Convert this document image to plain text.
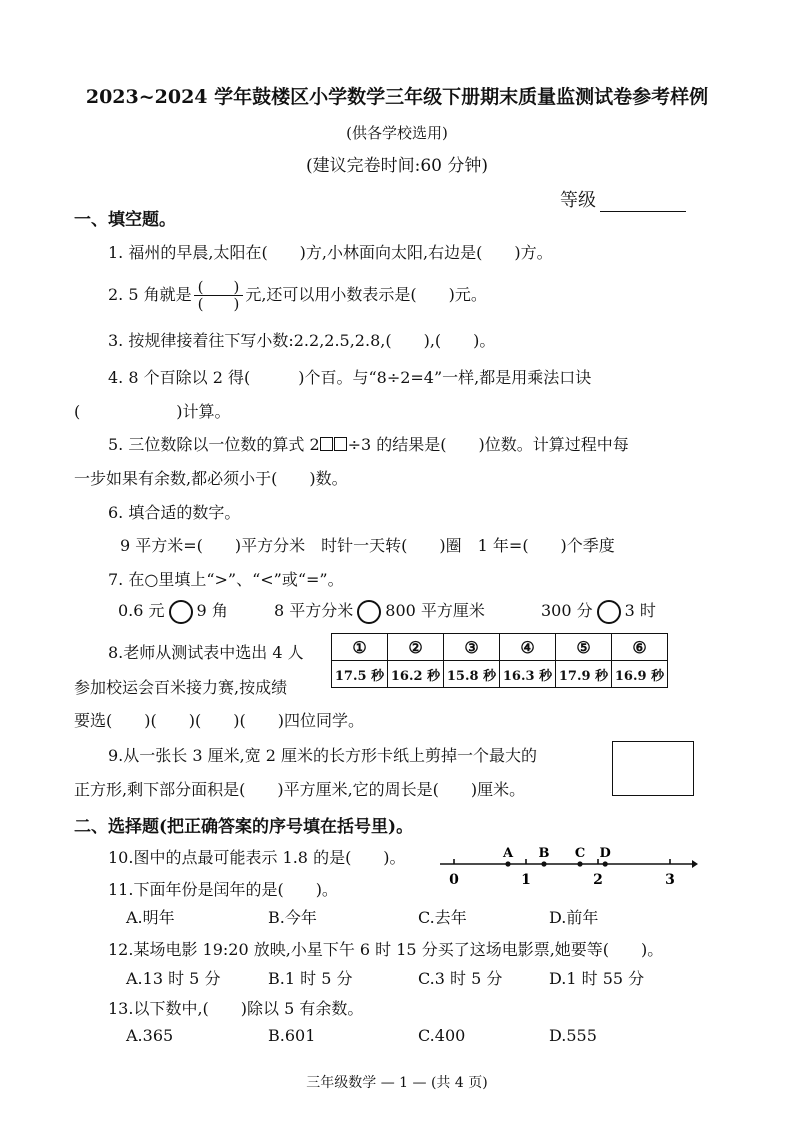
2023~2024 学年鼓楼区小学数学三年级下册期末质量监测试卷参考样例
(供各学校选用)
(建议完卷时间:60 分钟)
等级
一、填空题。
1. 福州的早晨,太阳在(　　)方,小林面向太阳,右边是(　　)方。
2. 5 角就是 $\frac{( )}{( )}$ 元,还可以用小数表示是(　　)元。
3. 按规律接着往下写小数:2.2,2.5,2.8,(　　),(　　)。
4. 8 个百除以 2 得(　　　)个百。与“8÷2=4”一样,都是用乘法口诀
(　　　　　　)计算。
5. 三位数除以一位数的算式 2 ÷3 的结果是(　　)位数。计算过程中每
一步如果有余数,都必须小于(　　)数。
6. 填合适的数字。
9 平方米=(　　)平方分米　时针一天转(　　)圈　1 年=(　　)个季度
7. 在○里填上“>”、“<”或“=”。
0.6 元 9 角	8 平方分米 800 平方厘米	300 分 3 时
8.老师从测试表中选出 4 人
参加校运会百米接力赛,按成绩
要选(　　)(　　)(　　)(　　)四位同学。
①	②	③	④	⑤	⑥
17.5 秒	16.2 秒	15.8 秒	16.3 秒	17.9 秒	16.9 秒
9.从一张长 3 厘米,宽 2 厘米的长方形卡纸上剪掉一个最大的
正方形,剩下部分面积是(　　)平方厘米,它的周长是(　　)厘米。
二、选择题(把正确答案的序号填在括号里)。
10.图中的点最可能表示 1.8 的是(　　)。
0	1	2	3
A B C D
11.下面年份是闰年的是(　　)。
A.明年	B.今年	C.去年	D.前年
12.某场电影 19:20 放映,小星下午 6 时 15 分买了这场电影票,她要等(　　)。
A.13 时 5 分	B.1 时 5 分	C.3 时 5 分	D.1 时 55 分
13.以下数中,(　　)除以 5 有余数。
A.365	B.601	C.400	D.555
三年级数学 — 1 — (共 4 页)
